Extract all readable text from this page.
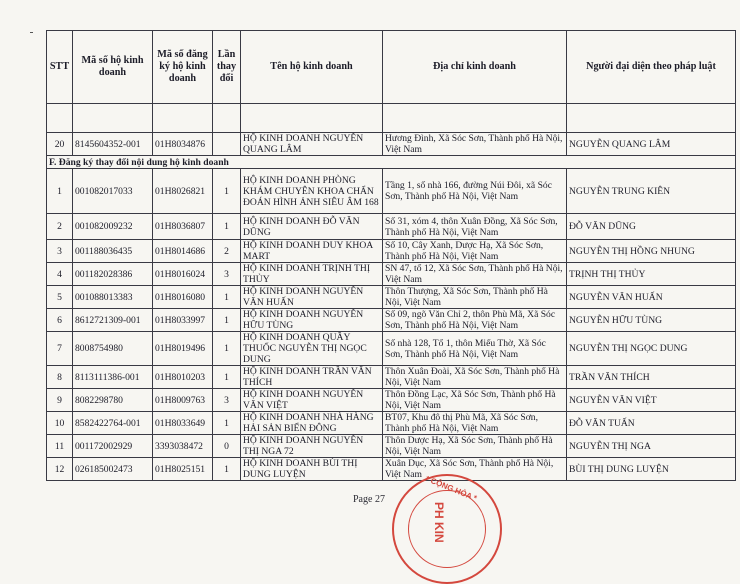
STT	Mã số hộ kinh doanh	Mã số đăng ký hộ kinh doanh	Lần thay đổi	Tên hộ kinh doanh	Địa chỉ kinh doanh	Người đại diện theo pháp luật

20	8145604352-001	01H8034876		HỘ KINH DOANH NGUYỄN QUANG LÂM	Hương Đình, Xã Sóc Sơn, Thành phố Hà Nội, Việt Nam	NGUYỄN QUANG LÂM
F. Đăng ký thay đổi nội dung hộ kinh doanh						
1	001082017033	01H8026821	1	HỘ KINH DOANH PHÒNG KHÁM CHUYÊN KHOA CHẨN ĐOÁN HÌNH ẢNH SIÊU ÂM 168	Tầng 1, số nhà 166, đường Núi Đôi, xã Sóc Sơn, Thành phố Hà Nội, Việt Nam	NGUYỄN TRUNG KIÊN
2	001082009232	01H8036807	1	HỘ KINH DOANH ĐỖ VĂN DŨNG	Số 31, xóm 4, thôn Xuân Đồng, Xã Sóc Sơn, Thành phố Hà Nội, Việt Nam	ĐỖ VĂN DŨNG
3	001188036435	01H8014686	2	HỘ KINH DOANH DUY KHOA MART	Số 10, Cây Xanh, Dược Hạ, Xã Sóc Sơn, Thành phố Hà Nội, Việt Nam	NGUYỄN THỊ HỒNG NHUNG
4	001182028386	01H8016024	3	HỘ KINH DOANH TRỊNH THỊ THỦY	SN 47, tổ 12, Xã Sóc Sơn, Thành phố Hà Nội, Việt Nam	TRỊNH THỊ THỦY
5	001088013383	01H8016080	1	HỘ KINH DOANH NGUYỄN VĂN HUẤN	Thôn Thượng, Xã Sóc Sơn, Thành phố Hà Nội, Việt Nam	NGUYỄN VĂN HUẤN
6	8612721309-001	01H8033997	1	HỘ KINH DOANH NGUYỄN HỮU TÙNG	Số 09, ngõ Văn Chỉ 2, thôn Phù Mã, Xã Sóc Sơn, Thành phố Hà Nội, Việt Nam	NGUYỄN HỮU TÙNG
7	8008754980	01H8019496	1	HỘ KINH DOANH QUẦY THUỐC NGUYỄN THỊ NGỌC DUNG	Số nhà 128, Tổ 1, thôn Miếu Thờ, Xã Sóc Sơn, Thành phố Hà Nội, Việt Nam	NGUYỄN THỊ NGỌC DUNG
8	8113111386-001	01H8010203	1	HỘ KINH DOANH TRẦN VĂN THÍCH	Thôn Xuân Đoài, Xã Sóc Sơn, Thành phố Hà Nội, Việt Nam	TRẦN VĂN THÍCH
9	8082298780	01H8009763	3	HỘ KINH DOANH NGUYỄN VĂN VIỆT	Thôn Đồng Lạc, Xã Sóc Sơn, Thành phố Hà Nội, Việt Nam	NGUYỄN VĂN VIỆT
10	8582422764-001	01H8033649	1	HỘ KINH DOANH NHÀ HÀNG HẢI SẢN BIỂN ĐÔNG	BT07, Khu đô thị Phù Mã, Xã Sóc Sơn, Thành phố Hà Nội, Việt Nam	ĐỖ VĂN TUẤN
11	001172002929	3393038472	0	HỘ KINH DOANH NGUYỄN THỊ NGA 72	Thôn Dược Hạ, Xã Sóc Sơn, Thành phố Hà Nội, Việt Nam	NGUYỄN THỊ NGA
12	026185002473	01H8025151	1	HỘ KINH DOANH BÙI THỊ DUNG LUYỆN	Xuân Dục, Xã Sóc Sơn, Thành phố Hà Nội, Việt Nam	BÙI THỊ DUNG LUYỆN
Page 27	* CỘNG HÒA *
PH KIN
